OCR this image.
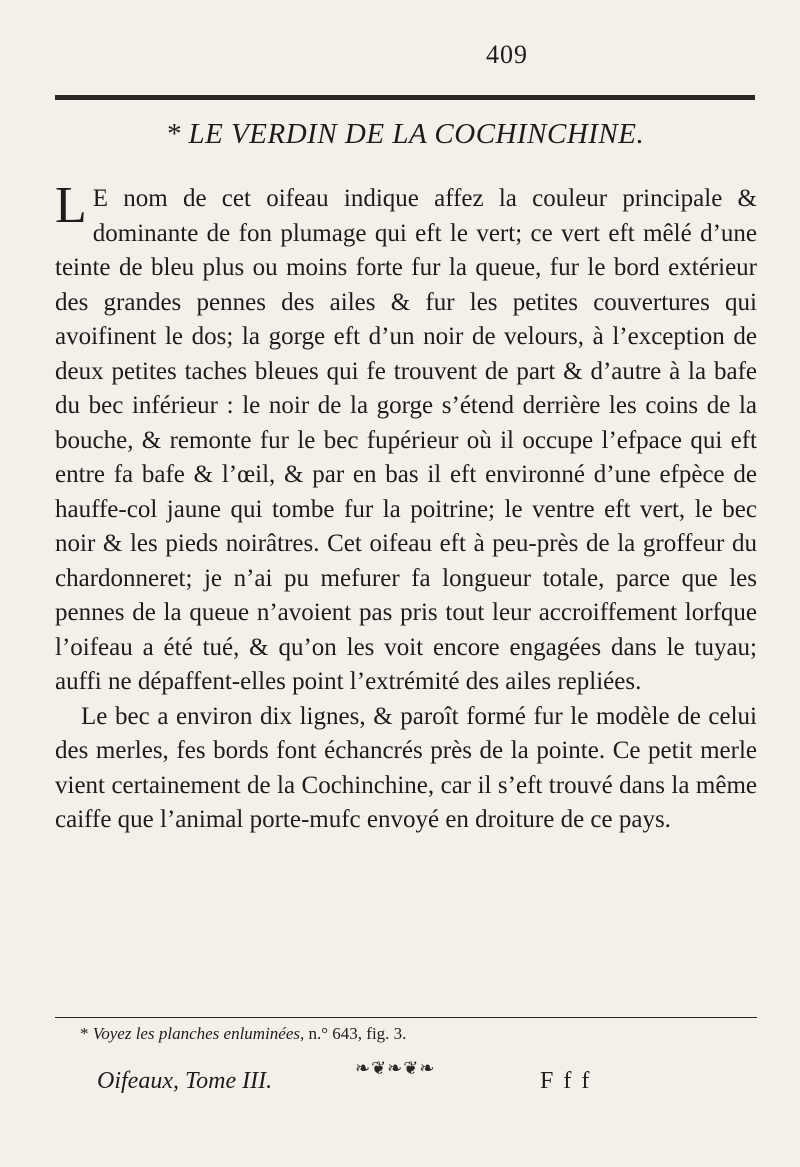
409
* LE VERDIN DE LA COCHINCHINE.

L E nom de cet oifeau indique affez la couleur principale & dominante de fon plumage qui eft le vert; ce vert eft mêlé d’une teinte de bleu plus ou moins forte fur la queue, fur le bord extérieur des grandes pennes des ailes & fur les petites couvertures qui avoifinent le dos; la gorge eft d’un noir de velours, à l’exception de deux petites taches bleues qui fe trouvent de part & d’autre à la bafe du bec inférieur : le noir de la gorge s’étend derrière les coins de la bouche, & remonte fur le bec fupérieur où il occupe l’efpace qui eft entre fa bafe & l’œil, & par en bas il eft environné d’une efpèce de hauffe-col jaune qui tombe fur la poitrine; le ventre eft vert, le bec noir & les pieds noirâtres. Cet oifeau eft à peu-près de la groffeur du chardonneret; je n’ai pu mefurer fa longueur totale, parce que les pennes de la queue n’avoient pas pris tout leur accroiffement lorfque l’oifeau a été tué, & qu’on les voit encore engagées dans le tuyau; auffi ne dépaffent-elles point l’extrémité des ailes repliées.

Le bec a environ dix lignes, & paroît formé fur le modèle de celui des merles, fes bords font échancrés près de la pointe. Ce petit merle vient certainement de la Cochinchine, car il s’eft trouvé dans la même caiffe que l’animal porte-mufc envoyé en droiture de ce pays.

* Voyez les planches enluminées, n.° 643, fig. 3.
❧❦❧❦❧
Oifeaux, Tome III.	F f f
